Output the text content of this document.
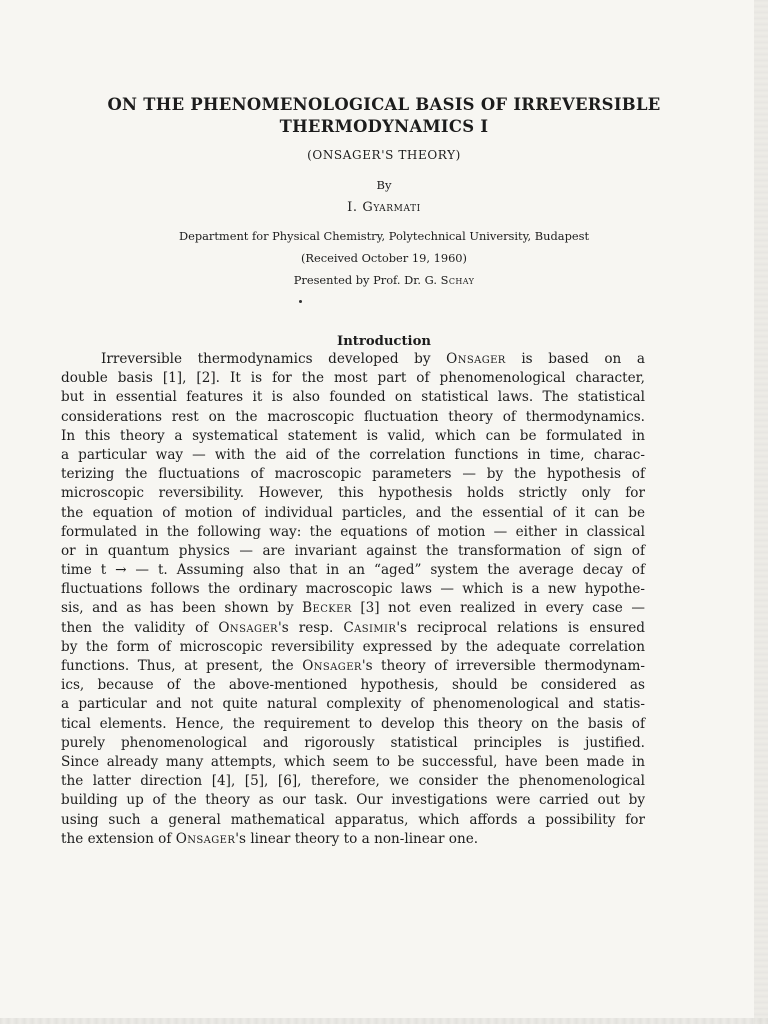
ON THE PHENOMENOLOGICAL BASIS OF IRREVERSIBLE
THERMODYNAMICS I
(ONSAGER'S THEORY)
By
I. Gyarmati
Department for Physical Chemistry, Polytechnical University, Budapest
(Received October 19, 1960)
Presented by Prof. Dr. G. Schay
Introduction
Irreversible thermodynamics developed by Onsager is based on a
double basis [1], [2]. It is for the most part of phenomenological character,
but in essential features it is also founded on statistical laws. The statistical
considerations rest on the macroscopic fluctuation theory of thermodynamics.
In this theory a systematical statement is valid, which can be formulated in
a particular way — with the aid of the correlation functions in time, charac-
terizing the fluctuations of macroscopic parameters — by the hypothesis of
microscopic reversibility. However, this hypothesis holds strictly only for
the equation of motion of individual particles, and the essential of it can be
formulated in the following way: the equations of motion — either in classical
or in quantum physics — are invariant against the transformation of sign of
time t → — t. Assuming also that in an “aged” system the average decay of
fluctuations follows the ordinary macroscopic laws — which is a new hypothe-
sis, and as has been shown by Becker [3] not even realized in every case —
then the validity of Onsager's resp. Casimir's reciprocal relations is ensured
by the form of microscopic reversibility expressed by the adequate correlation
functions. Thus, at present, the Onsager's theory of irreversible thermodynam-
ics, because of the above-mentioned hypothesis, should be considered as
a particular and not quite natural complexity of phenomenological and statis-
tical elements. Hence, the requirement to develop this theory on the basis of
purely phenomenological and rigorously statistical principles is justified.
Since already many attempts, which seem to be successful, have been made in
the latter direction [4], [5], [6], therefore, we consider the phenomenological
building up of the theory as our task. Our investigations were carried out by
using such a general mathematical apparatus, which affords a possibility for
the extension of Onsager's linear theory to a non-linear one.
